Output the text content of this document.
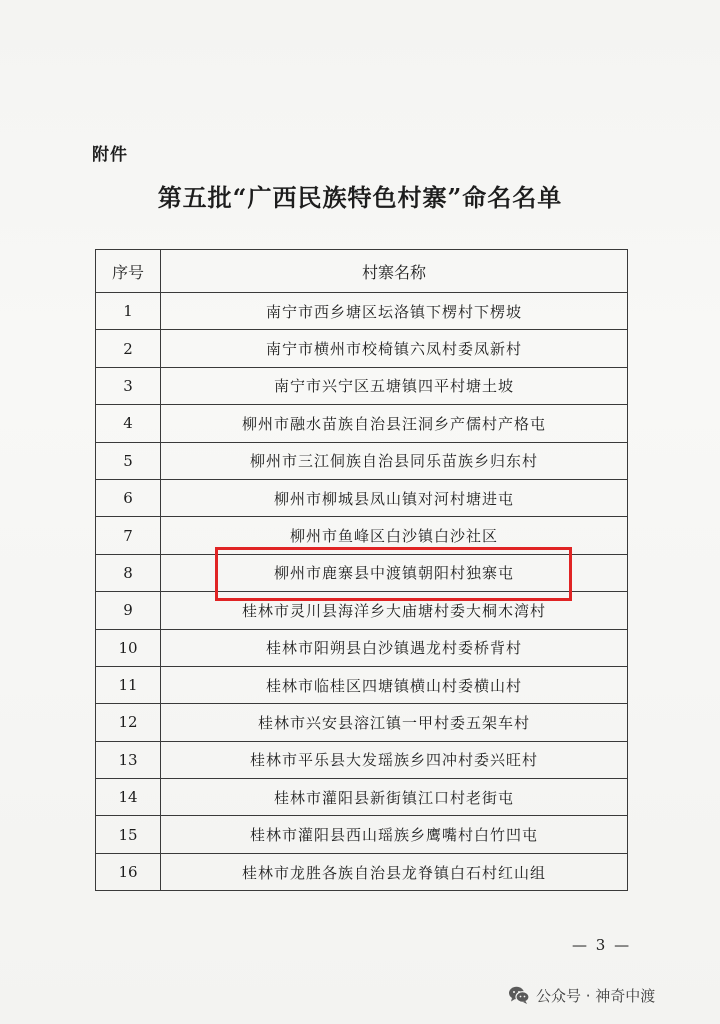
附件
第五批“广西民族特色村寨”命名名单
序号	村寨名称
1	南宁市西乡塘区坛洛镇下楞村下楞坡
2	南宁市横州市校椅镇六凤村委凤新村
3	南宁市兴宁区五塘镇四平村塘土坡
4	柳州市融水苗族自治县汪洞乡产儒村产格屯
5	柳州市三江侗族自治县同乐苗族乡归东村
6	柳州市柳城县凤山镇对河村塘进屯
7	柳州市鱼峰区白沙镇白沙社区
8	柳州市鹿寨县中渡镇朝阳村独寨屯
9	桂林市灵川县海洋乡大庙塘村委大桐木湾村
10	桂林市阳朔县白沙镇遇龙村委桥背村
11	桂林市临桂区四塘镇横山村委横山村
12	桂林市兴安县溶江镇一甲村委五架车村
13	桂林市平乐县大发瑶族乡四冲村委兴旺村
14	桂林市灌阳县新街镇江口村老街屯
15	桂林市灌阳县西山瑶族乡鹰嘴村白竹凹屯
16	桂林市龙胜各族自治县龙脊镇白石村红山组
— 3 —
公众号 · 神奇中渡
